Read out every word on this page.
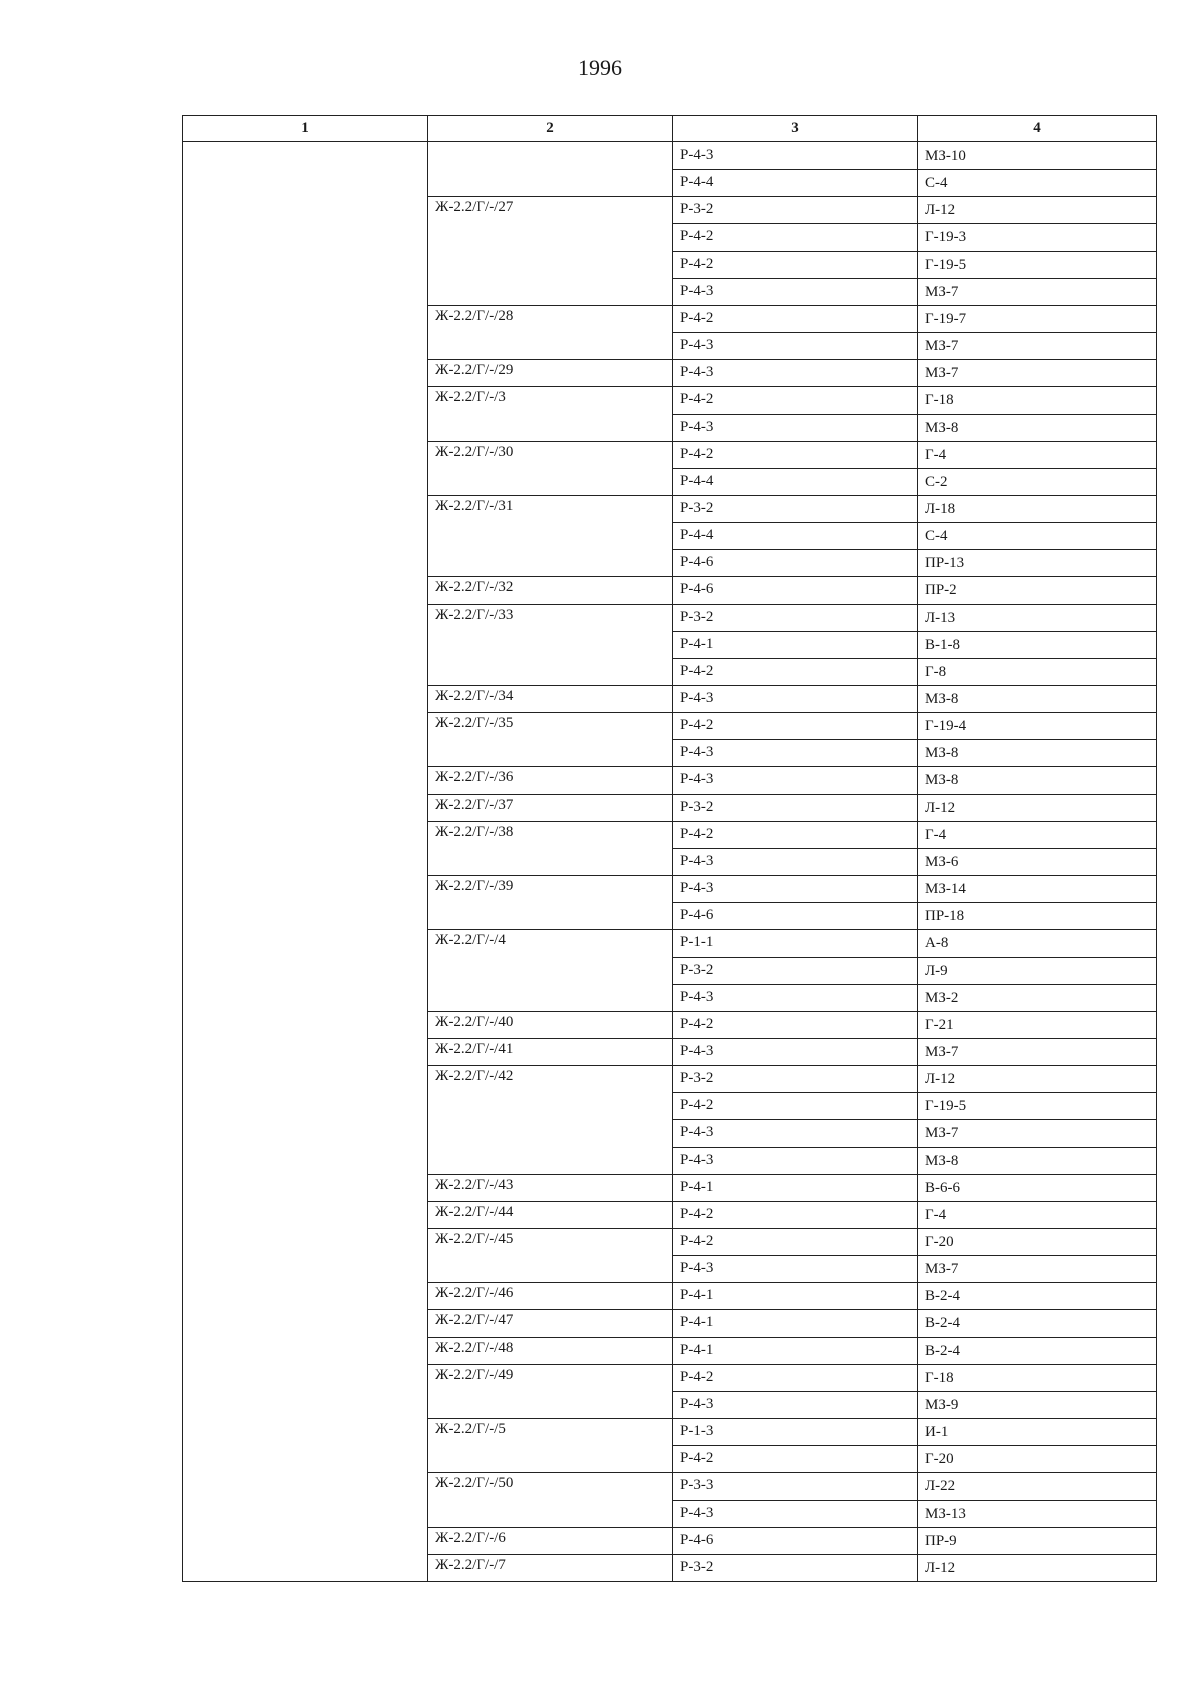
1996
1	2	3	4
Р-4-3	МЗ-10
Р-4-4	С-4
Ж-2.2/Г/-/27	Р-3-2	Л-12
Р-4-2	Г-19-3
Р-4-2	Г-19-5
Р-4-3	МЗ-7
Ж-2.2/Г/-/28	Р-4-2	Г-19-7
Р-4-3	МЗ-7
Ж-2.2/Г/-/29	Р-4-3	МЗ-7
Ж-2.2/Г/-/3	Р-4-2	Г-18
Р-4-3	МЗ-8
Ж-2.2/Г/-/30	Р-4-2	Г-4
Р-4-4	С-2
Ж-2.2/Г/-/31	Р-3-2	Л-18
Р-4-4	С-4
Р-4-6	ПР-13
Ж-2.2/Г/-/32	Р-4-6	ПР-2
Ж-2.2/Г/-/33	Р-3-2	Л-13
Р-4-1	В-1-8
Р-4-2	Г-8
Ж-2.2/Г/-/34	Р-4-3	МЗ-8
Ж-2.2/Г/-/35	Р-4-2	Г-19-4
Р-4-3	МЗ-8
Ж-2.2/Г/-/36	Р-4-3	МЗ-8
Ж-2.2/Г/-/37	Р-3-2	Л-12
Ж-2.2/Г/-/38	Р-4-2	Г-4
Р-4-3	МЗ-6
Ж-2.2/Г/-/39	Р-4-3	МЗ-14
Р-4-6	ПР-18
Ж-2.2/Г/-/4	Р-1-1	А-8
Р-3-2	Л-9
Р-4-3	МЗ-2
Ж-2.2/Г/-/40	Р-4-2	Г-21
Ж-2.2/Г/-/41	Р-4-3	МЗ-7
Ж-2.2/Г/-/42	Р-3-2	Л-12
Р-4-2	Г-19-5
Р-4-3	МЗ-7
Р-4-3	МЗ-8
Ж-2.2/Г/-/43	Р-4-1	В-6-6
Ж-2.2/Г/-/44	Р-4-2	Г-4
Ж-2.2/Г/-/45	Р-4-2	Г-20
Р-4-3	МЗ-7
Ж-2.2/Г/-/46	Р-4-1	В-2-4
Ж-2.2/Г/-/47	Р-4-1	В-2-4
Ж-2.2/Г/-/48	Р-4-1	В-2-4
Ж-2.2/Г/-/49	Р-4-2	Г-18
Р-4-3	МЗ-9
Ж-2.2/Г/-/5	Р-1-3	И-1
Р-4-2	Г-20
Ж-2.2/Г/-/50	Р-3-3	Л-22
Р-4-3	МЗ-13
Ж-2.2/Г/-/6	Р-4-6	ПР-9
Ж-2.2/Г/-/7	Р-3-2	Л-12
